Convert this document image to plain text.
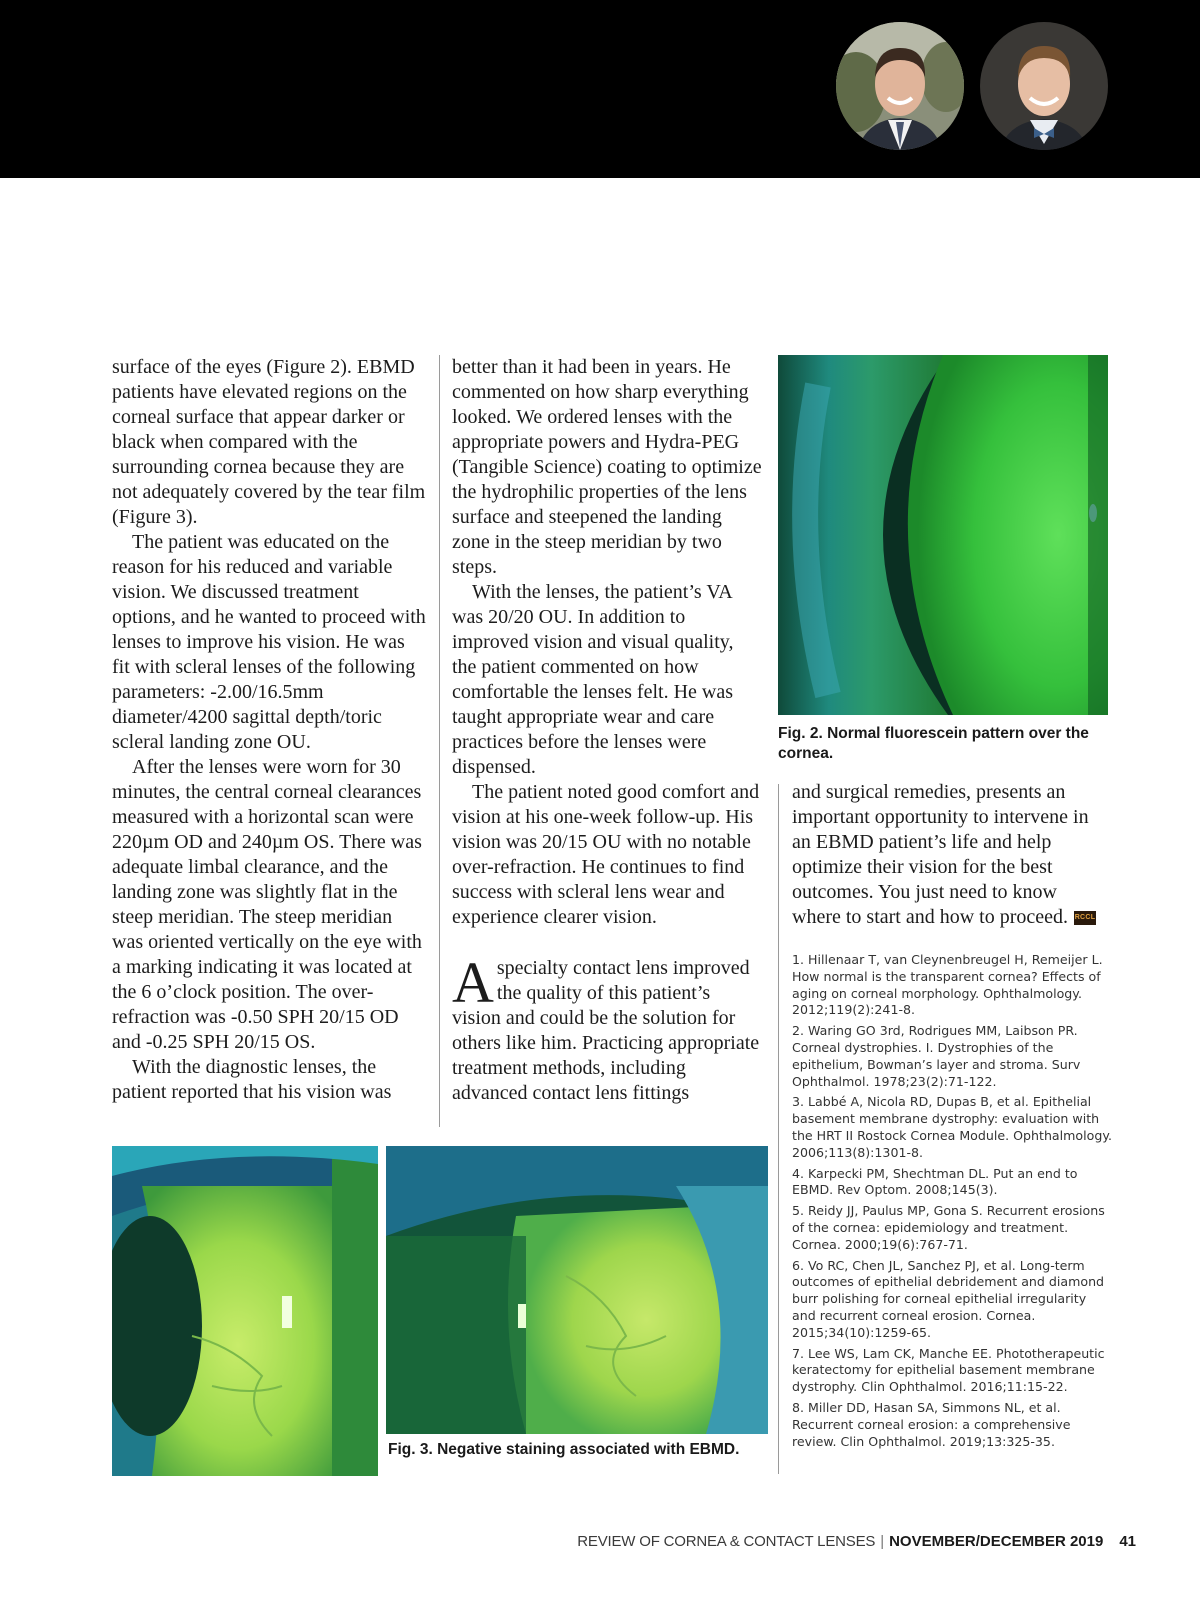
surface of the eyes (Figure 2). EBMD patients have elevated regions on the corneal surface that appear darker or black when compared with the surrounding cornea because they are not adequately covered by the tear film (Figure 3).

The patient was educated on the reason for his reduced and variable vision. We discussed treatment options, and he wanted to proceed with lenses to improve his vision. He was fit with scleral lenses of the following parameters: -2.00/16.5mm diameter/4200 sagittal depth/toric scleral landing zone OU.

After the lenses were worn for 30 minutes, the central corneal clearances measured with a horizontal scan were 220µm OD and 240µm OS. There was adequate limbal clearance, and the landing zone was slightly flat in the steep meridian. The steep meridian was oriented vertically on the eye with a marking indicating it was located at the 6 o’clock position. The over-refraction was -0.50 SPH 20/15 OD and -0.25 SPH 20/15 OS.

With the diagnostic lenses, the patient reported that his vision was

better than it had been in years. He commented on how sharp everything looked. We ordered lenses with the appropriate powers and Hydra-PEG (Tangible Science) coating to optimize the hydrophilic properties of the lens surface and steepened the landing zone in the steep meridian by two steps.

With the lenses, the patient’s VA was 20/20 OU. In addition to improved vision and visual quality, the patient commented on how comfortable the lenses felt. He was taught appropriate wear and care practices before the lenses were dispensed.

The patient noted good comfort and vision at his one-week follow-up. His vision was 20/15 OU with no notable over-refraction. He continues to find success with scleral lens wear and experience clearer vision.

A specialty contact lens improved the quality of this patient’s vision and could be the solution for others like him. Practicing appropriate treatment methods, including advanced contact lens fittings

Fig. 2. Normal fluorescein pattern over the cornea.

and surgical remedies, presents an important opportunity to intervene in an EBMD patient’s life and help optimize their vision for the best outcomes. You just need to know where to start and how to proceed. RCCL

1. Hillenaar T, van Cleynenbreugel H, Remeijer L. How normal is the transparent cornea? Effects of aging on corneal morphology. Ophthalmology. 2012;119(2):241-8.
2. Waring GO 3rd, Rodrigues MM, Laibson PR. Corneal dystrophies. I. Dystrophies of the epithelium, Bowman’s layer and stroma. Surv Ophthalmol. 1978;23(2):71-122.
3. Labbé A, Nicola RD, Dupas B, et al. Epithelial basement membrane dystrophy: evaluation with the HRT II Rostock Cornea Module. Ophthalmology. 2006;113(8):1301-8.
4. Karpecki PM, Shechtman DL. Put an end to EBMD. Rev Optom. 2008;145(3).
5. Reidy JJ, Paulus MP, Gona S. Recurrent erosions of the cornea: epidemiology and treatment. Cornea. 2000;19(6):767-71.
6. Vo RC, Chen JL, Sanchez PJ, et al. Long-term outcomes of epithelial debridement and diamond burr polishing for corneal epithelial irregularity and recurrent corneal erosion. Cornea. 2015;34(10):1259-65.
7. Lee WS, Lam CK, Manche EE. Phototherapeutic keratectomy for epithelial basement membrane dystrophy. Clin Ophthalmol. 2016;11:15-22.
8. Miller DD, Hasan SA, Simmons NL, et al. Recurrent corneal erosion: a comprehensive review. Clin Ophthalmol. 2019;13:325-35.
Fig. 3. Negative staining associated with EBMD.
REVIEW OF CORNEA & CONTACT LENSES | NOVEMBER/DECEMBER 2019 41
